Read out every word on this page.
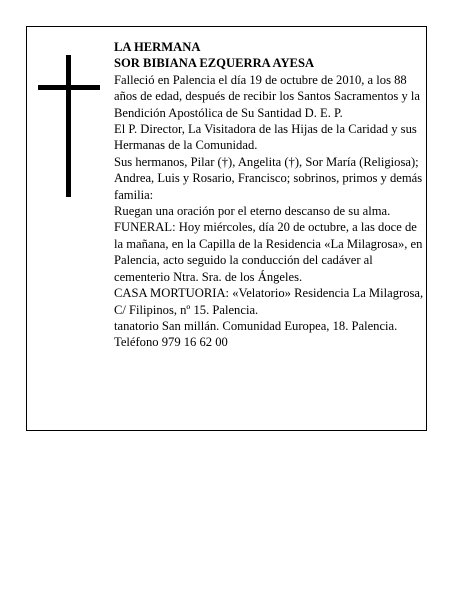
LA HERMANA

SOR BIBIANA EZQUERRA AYESA

Falleció en Palencia el día 19 de octubre de 2010, a los 88 años de edad, después de recibir los Santos Sacramentos y la Bendición Apostólica de Su Santidad D. E. P.

El P. Director, La Visitadora de las Hijas de la Caridad y sus Hermanas de la Comunidad.

Sus hermanos, Pilar (†), Angelita (†), Sor María (Religiosa); Andrea, Luis y Rosario, Francisco; sobrinos, primos y demás familia:

Ruegan una oración por el eterno descanso de su alma.

FUNERAL: Hoy miércoles, día 20 de octubre, a las doce de la mañana, en la Capilla de la Residencia «La Milagrosa», en Palencia, acto seguido la conducción del cadáver al cementerio Ntra. Sra. de los Ángeles.

CASA MORTUORIA: «Velatorio» Residencia La Milagrosa, C/ Filipinos, nº 15. Palencia.

tanatorio San millán. Comunidad Europea, 18. Palencia. Teléfono 979 16 62 00
